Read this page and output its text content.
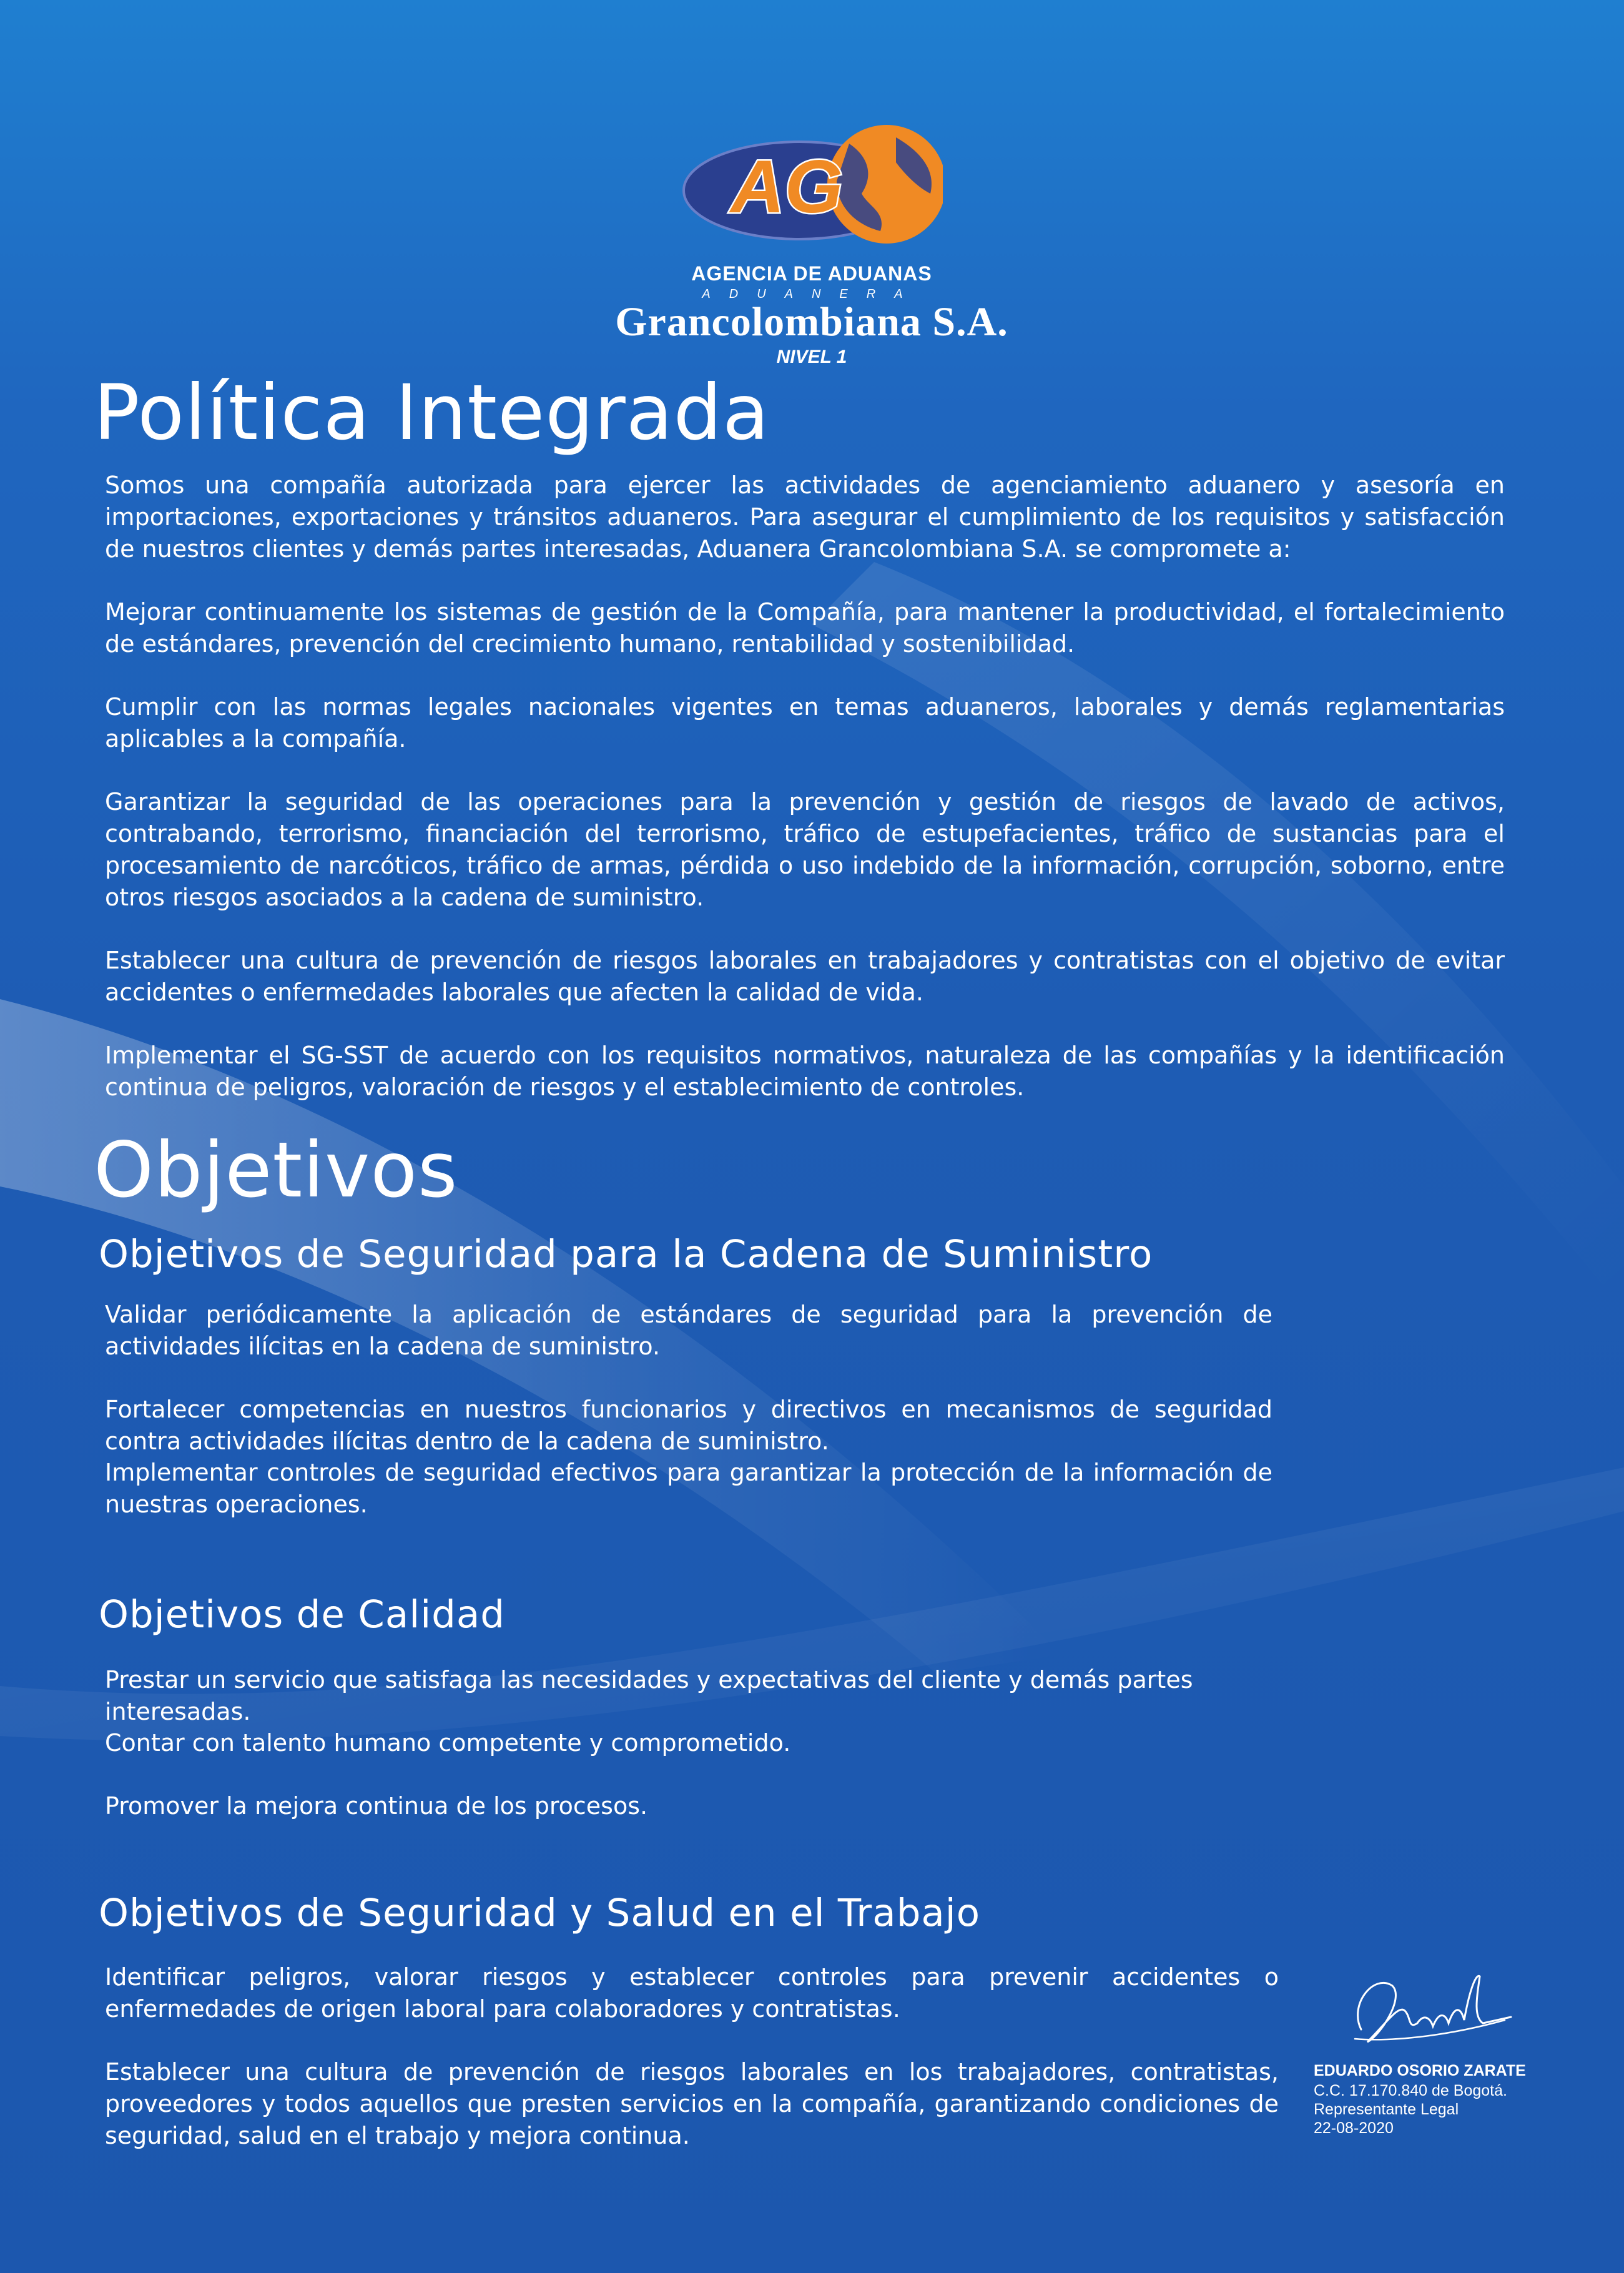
AG
AGENCIA DE ADUANAS
ADUANERA
Grancolombiana S.A.
NIVEL 1
Política Integrada
Somos una compañía autorizada para ejercer las actividades de agenciamiento aduanero y asesoría en importaciones, exportaciones y tránsitos aduaneros. Para asegurar el cumplimiento de los requisitos y satisfacción de nuestros clientes y demás partes interesadas, Aduanera Grancolombiana S.A. se compromete a:
Mejorar continuamente los sistemas de gestión de la Compañía, para mantener la productividad, el fortalecimiento de estándares, prevención del crecimiento humano, rentabilidad y sostenibilidad.
Cumplir con las normas legales nacionales vigentes en temas aduaneros, laborales y demás reglamentarias aplicables a la compañía.
Garantizar la seguridad de las operaciones para la prevención y gestión de riesgos de lavado de activos, contrabando, terrorismo, financiación del terrorismo, tráfico de estupefacientes, tráfico de sustancias para el procesamiento de narcóticos, tráfico de armas, pérdida o uso indebido de la información, corrupción, soborno, entre otros riesgos asociados a la cadena de suministro.
Establecer una cultura de prevención de riesgos laborales en trabajadores y contratistas con el objetivo de evitar accidentes o enfermedades laborales que afecten la calidad de vida.
Implementar el SG-SST de acuerdo con los requisitos normativos, naturaleza de las compañías y la identificación continua de peligros, valoración de riesgos y el establecimiento de controles.
Objetivos
Objetivos de Seguridad para la Cadena de Suministro
Validar periódicamente la aplicación de estándares de seguridad para la prevención de actividades ilícitas en la cadena de suministro.
Fortalecer competencias en nuestros funcionarios y directivos en mecanismos de seguridad contra actividades ilícitas dentro de la cadena de suministro.
Implementar controles de seguridad efectivos para garantizar la protección de la información de nuestras operaciones.
Objetivos de Calidad
Prestar un servicio que satisfaga las necesidades y expectativas del cliente y demás partes interesadas.
Contar con talento humano competente y comprometido.
Promover la mejora continua de los procesos.
Objetivos de Seguridad y Salud en el Trabajo
Identificar peligros, valorar riesgos y establecer controles para prevenir accidentes o enfermedades de origen laboral para colaboradores y contratistas.
Establecer una cultura de prevención de riesgos laborales en los trabajadores, contratistas, proveedores y todos aquellos que presten servicios en la compañía, garantizando condiciones de seguridad, salud en el trabajo y mejora continua.
EDUARDO OSORIO ZARATE
C.C. 17.170.840 de Bogotá.
Representante Legal
22-08-2020
